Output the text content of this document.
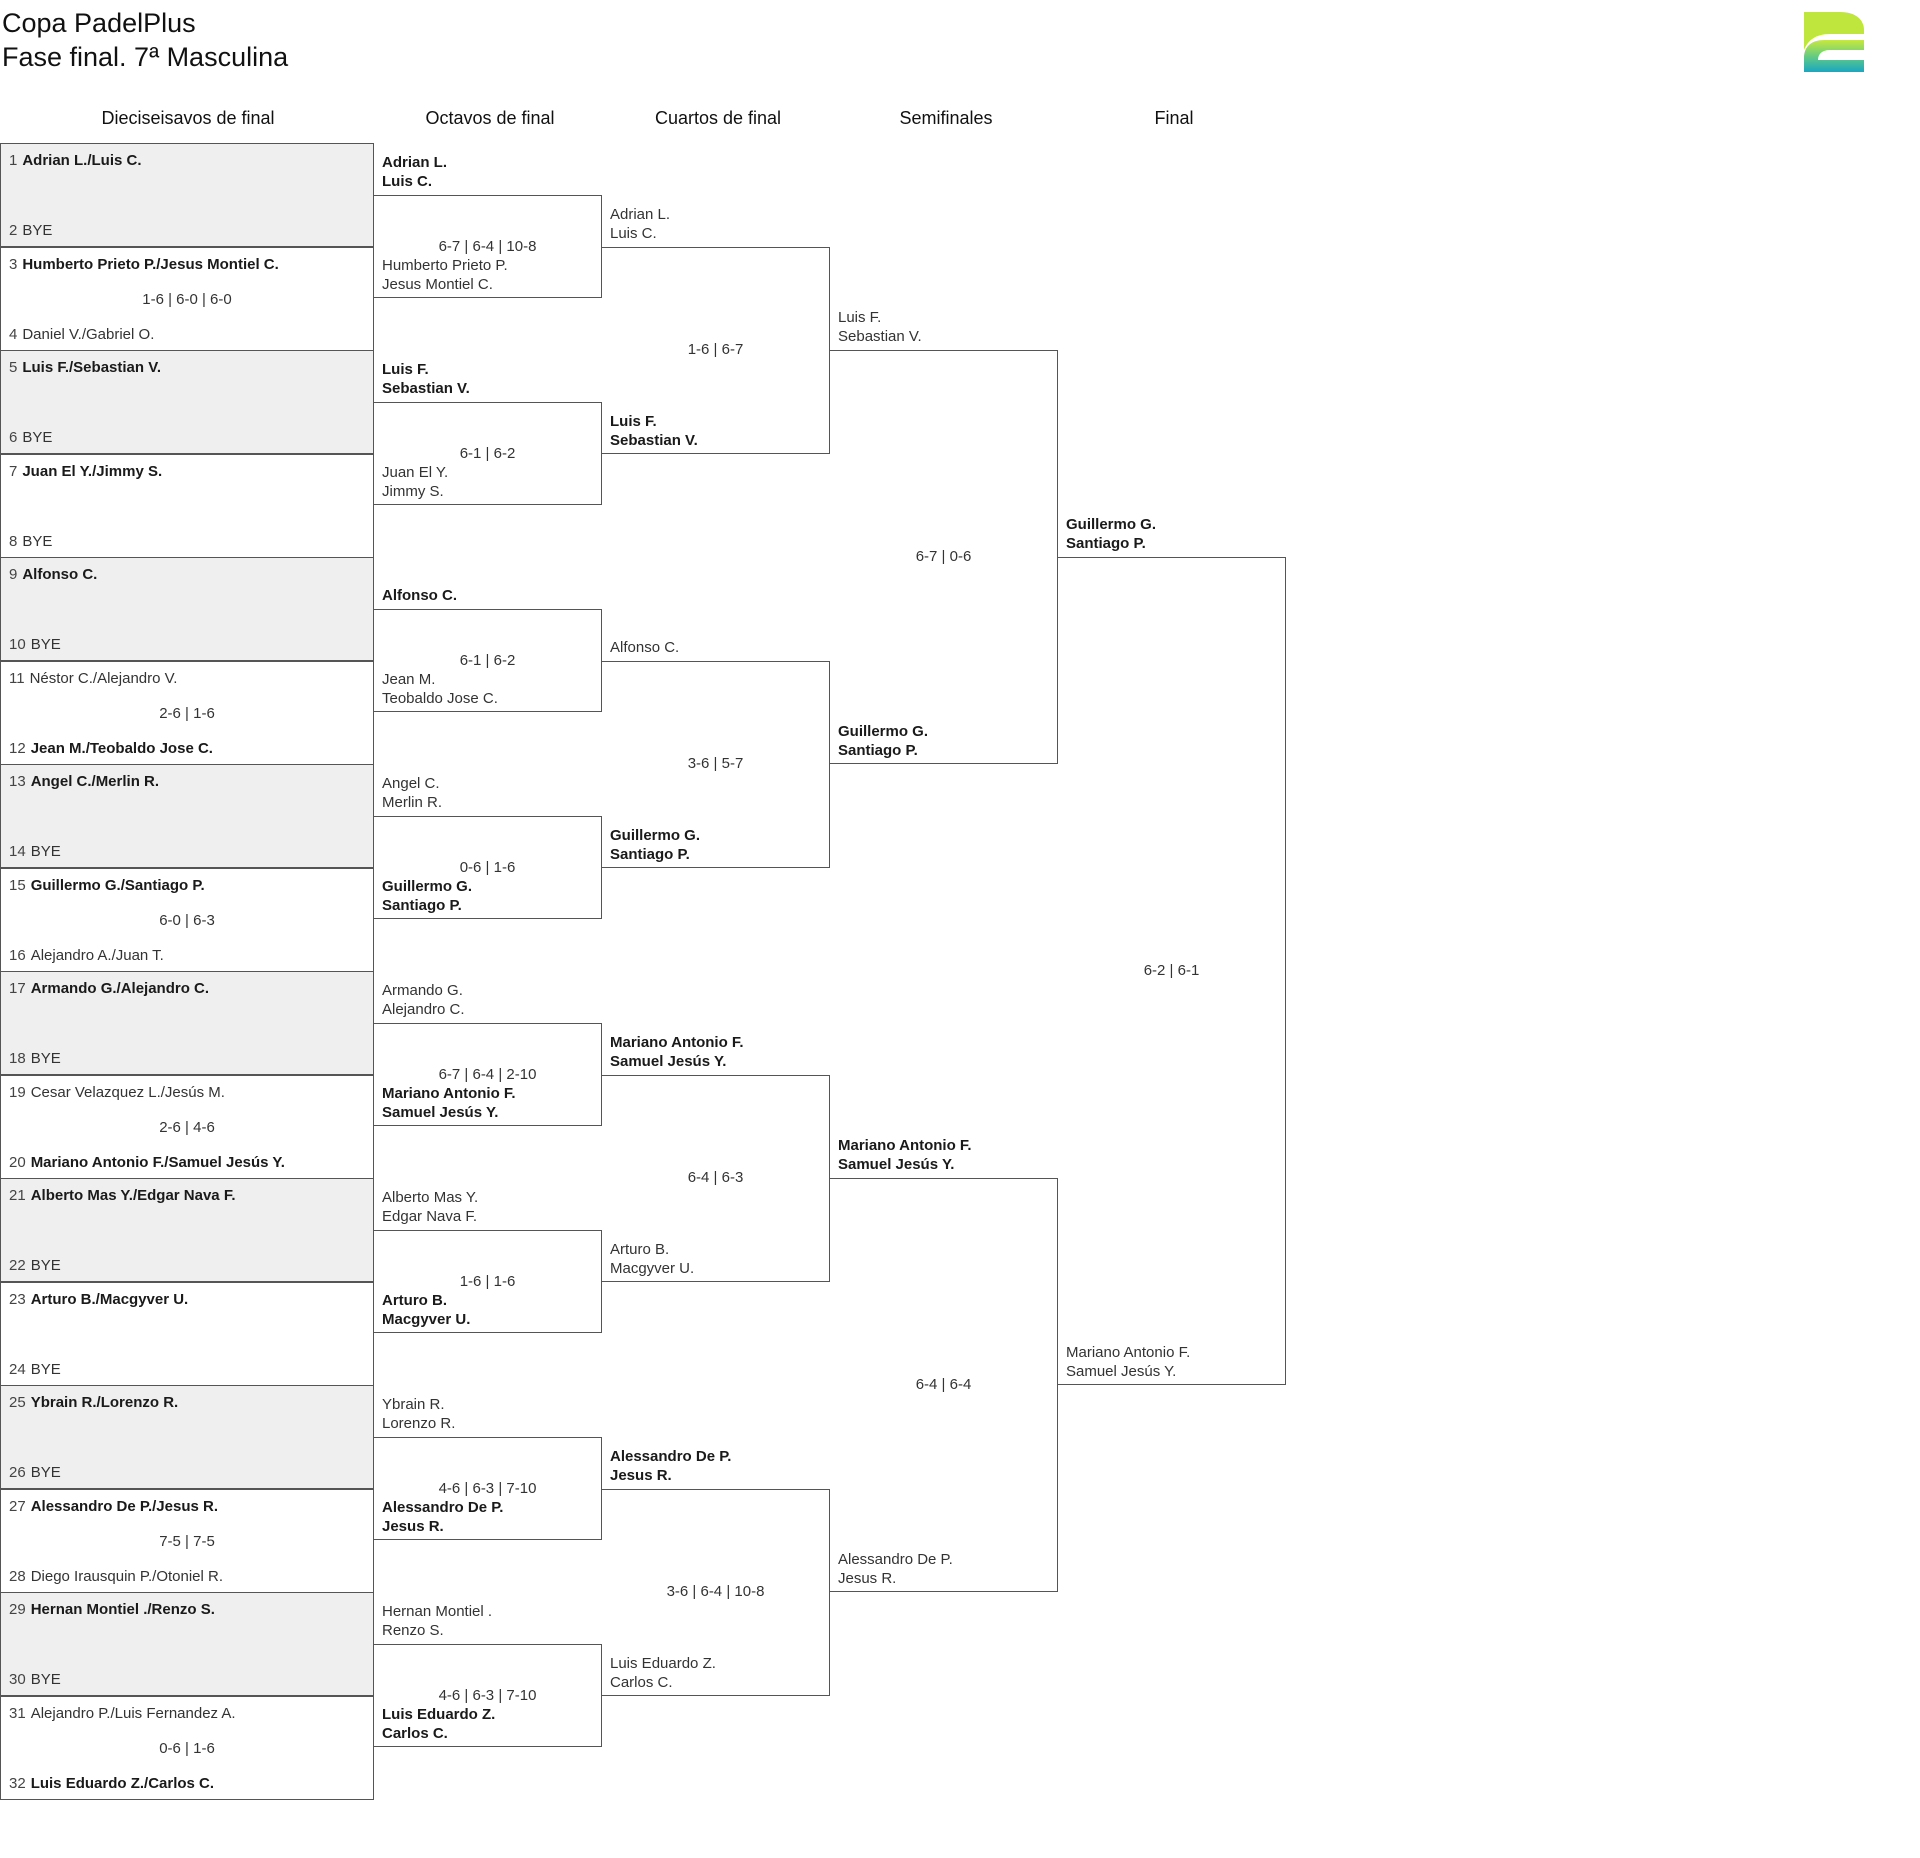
Copa PadelPlus
Fase final. 7ª Masculina
Dieciseisavos de final	Octavos de final	Cuartos de final	Semifinales	Final
1 Adrian L./Luis C.
2 BYE
3 Humberto Prieto P./Jesus Montiel C.
4 Daniel V./Gabriel O.
1-6 | 6-0 | 6-0
5 Luis F./Sebastian V.
6 BYE
7 Juan El Y./Jimmy S.
8 BYE
9 Alfonso C.
10 BYE
11 Néstor C./Alejandro V.
12 Jean M./Teobaldo Jose C.
2-6 | 1-6
13 Angel C./Merlin R.
14 BYE
15 Guillermo G./Santiago P.
16 Alejandro A./Juan T.
6-0 | 6-3
17 Armando G./Alejandro C.
18 BYE
19 Cesar Velazquez L./Jesús M.
20 Mariano Antonio F./Samuel Jesús Y.
2-6 | 4-6
21 Alberto Mas Y./Edgar Nava F.
22 BYE
23 Arturo B./Macgyver U.
24 BYE
25 Ybrain R./Lorenzo R.
26 BYE
27 Alessandro De P./Jesus R.
28 Diego Irausquin P./Otoniel R.
7-5 | 7-5
29 Hernan Montiel ./Renzo S.
30 BYE
31 Alejandro P./Luis Fernandez A.
32 Luis Eduardo Z./Carlos C.
0-6 | 1-6
6-7 | 6-4 | 10-8
Adrian L.
Luis C.
Humberto Prieto P.
Jesus Montiel C.
6-1 | 6-2
Luis F.
Sebastian V.
Juan El Y.
Jimmy S.
6-1 | 6-2
Alfonso C.
Jean M.
Teobaldo Jose C.
0-6 | 1-6
Angel C.
Merlin R.
Guillermo G.
Santiago P.
6-7 | 6-4 | 2-10
Armando G.
Alejandro C.
Mariano Antonio F.
Samuel Jesús Y.
1-6 | 1-6
Alberto Mas Y.
Edgar Nava F.
Arturo B.
Macgyver U.
4-6 | 6-3 | 7-10
Ybrain R.
Lorenzo R.
Alessandro De P.
Jesus R.
4-6 | 6-3 | 7-10
Hernan Montiel .
Renzo S.
Luis Eduardo Z.
Carlos C.
1-6 | 6-7
Adrian L.
Luis C.
Luis F.
Sebastian V.
3-6 | 5-7
Alfonso C.
Guillermo G.
Santiago P.
6-4 | 6-3
Mariano Antonio F.
Samuel Jesús Y.
Arturo B.
Macgyver U.
3-6 | 6-4 | 10-8
Alessandro De P.
Jesus R.
Luis Eduardo Z.
Carlos C.
6-7 | 0-6
Luis F.
Sebastian V.
Guillermo G.
Santiago P.
6-4 | 6-4
Mariano Antonio F.
Samuel Jesús Y.
Alessandro De P.
Jesus R.
6-2 | 6-1
Guillermo G.
Santiago P.
Mariano Antonio F.
Samuel Jesús Y.
